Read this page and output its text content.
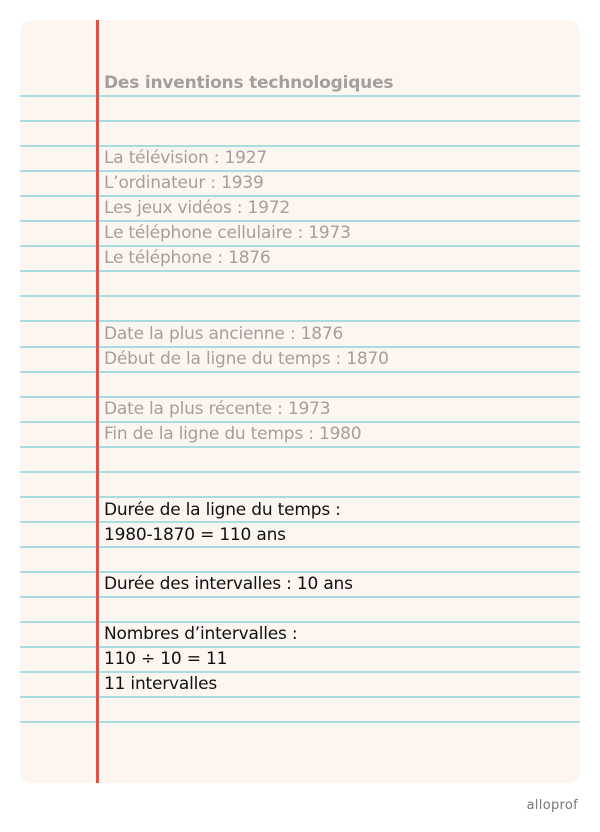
Des inventions technologiques
La télévision : 1927
L’ordinateur : 1939
Les jeux vidéos : 1972
Le téléphone cellulaire : 1973
Le téléphone : 1876
Date la plus ancienne : 1876
Début de la ligne du temps : 1870
Date la plus récente : 1973
Fin de la ligne du temps : 1980
Durée de la ligne du temps :
1980-1870 = 110 ans
Durée des intervalles : 10 ans
Nombres d’intervalles :
110 ÷ 10 = 11
11 intervalles
alloprof
